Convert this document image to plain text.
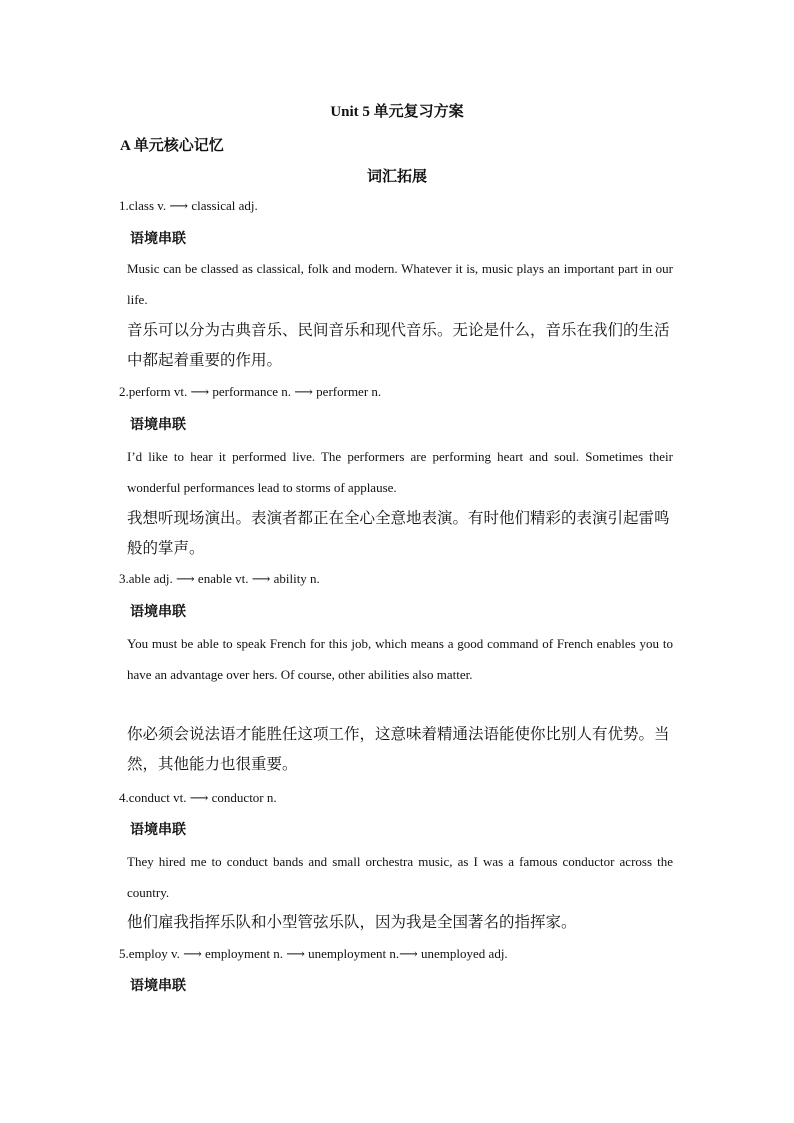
Unit 5 单元复习方案
A 单元核心记忆
词汇拓展
1.class v. ⟶ classical adj.
语境串联
Music can be classed as classical, folk and modern. Whatever it is, music plays an important part in our life.
音乐可以分为古典音乐、民间音乐和现代音乐。无论是什么，音乐在我们的生活中都起着重要的作用。
2.perform vt. ⟶ performance n. ⟶ performer n.
语境串联
I’d like to hear it performed live. The performers are performing heart and soul. Sometimes their wonderful performances lead to storms of applause.
我想听现场演出。表演者都正在全心全意地表演。有时他们精彩的表演引起雷鸣般的掌声。
3.able adj. ⟶ enable vt. ⟶ ability n.
语境串联
You must be able to speak French for this job, which means a good command of French enables you to have an advantage over hers. Of course, other abilities also matter.
你必须会说法语才能胜任这项工作，这意味着精通法语能使你比别人有优势。当然，其他能力也很重要。
4.conduct vt. ⟶ conductor n.
语境串联
They hired me to conduct bands and small orchestra music, as I was a famous conductor across the country.
他们雇我指挥乐队和小型管弦乐队，因为我是全国著名的指挥家。
5.employ v. ⟶ employment n. ⟶ unemployment n.⟶ unemployed adj.
语境串联
